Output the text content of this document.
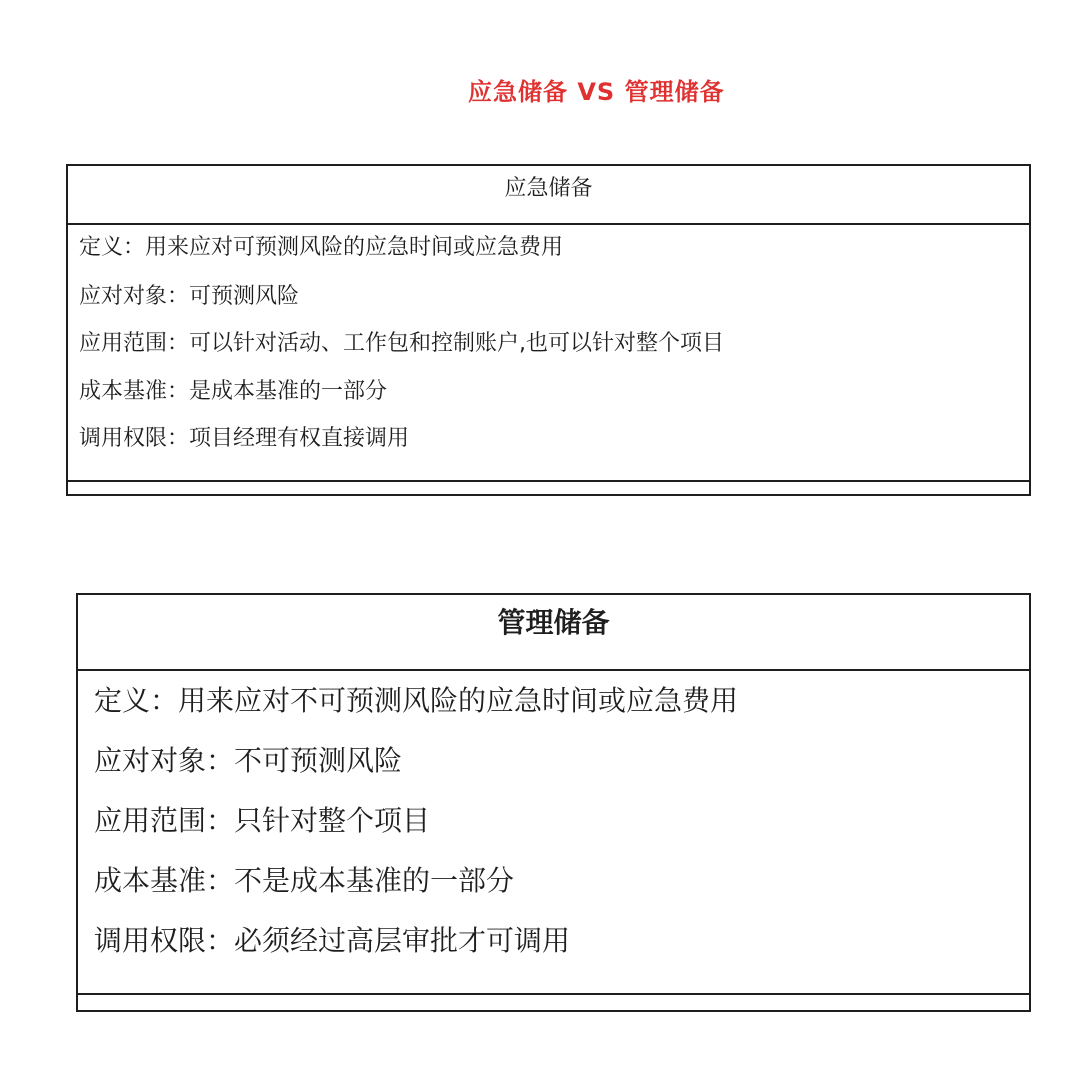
应急储备 VS 管理储备
应急储备
定义：用来应对可预测风险的应急时间或应急费用
应对对象：可预测风险
应用范围：可以针对活动、工作包和控制账户,也可以针对整个项目
成本基准：是成本基准的一部分
调用权限：项目经理有权直接调用
管理储备
定义：用来应对不可预测风险的应急时间或应急费用
应对对象：不可预测风险
应用范围：只针对整个项目
成本基准：不是成本基准的一部分
调用权限：必须经过高层审批才可调用
